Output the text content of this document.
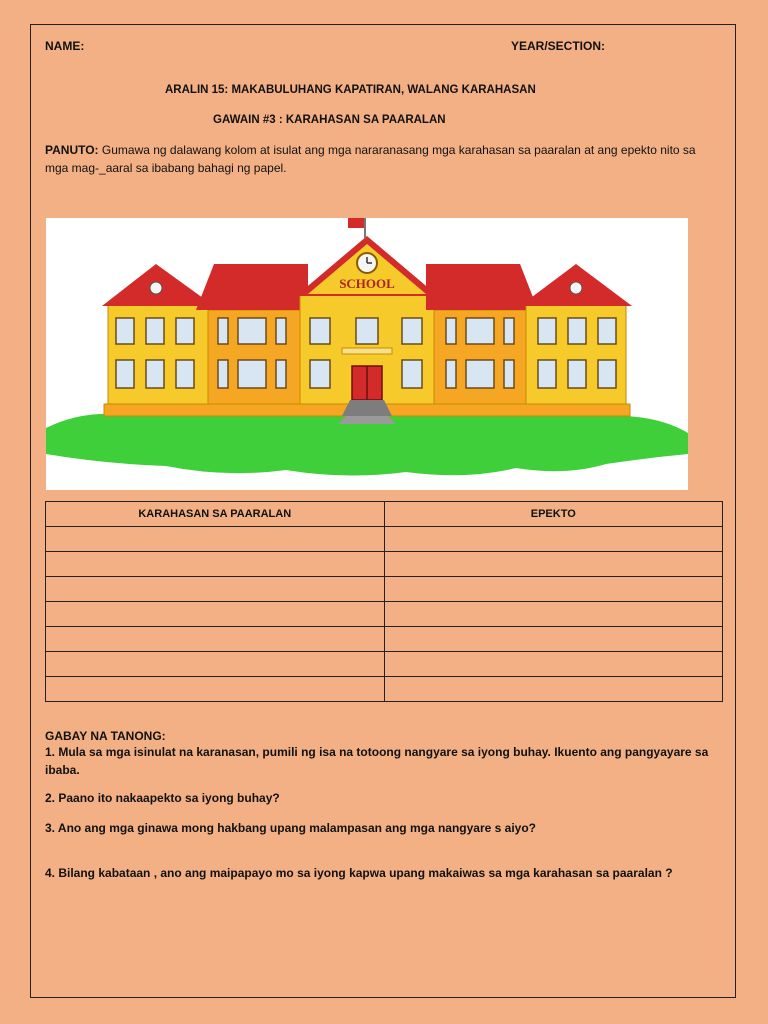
NAME:	YEAR/SECTION:
ARALIN 15: MAKABULUHANG KAPATIRAN, WALANG KARAHASAN
GAWAIN #3 : KARAHASAN SA PAARALAN
PANUTO: Gumawa ng dalawang kolom at isulat ang mga nararanasang mga karahasan sa paaralan at ang epekto nito sa mga mag-_aaral sa ibabang bahagi ng papel.
SCHOOL
KARAHASAN SA PAARALAN	EPEKTO

GABAY NA TANONG:
1. Mula sa mga isinulat na karanasan, pumili ng isa na totoong nangyare sa iyong buhay. Ikuento ang pangyayare sa ibaba.
2. Paano ito nakaapekto sa iyong buhay?
3. Ano ang mga ginawa mong hakbang upang malampasan ang mga nangyare s aiyo?
4. Bilang kabataan , ano ang maipapayo mo sa iyong kapwa upang makaiwas sa mga karahasan sa paaralan ?
